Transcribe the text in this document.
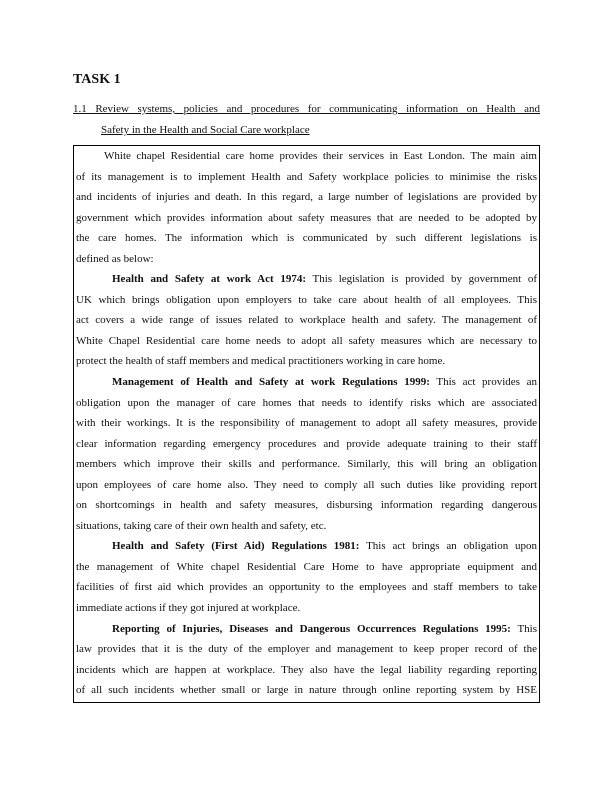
TASK 1
1.1 Review systems, policies and procedures for communicating information on Health and
Safety in the Health and Social Care workplace
White chapel Residential care home provides their services in East London. The main aim
of its management is to implement Health and Safety workplace policies to minimise the risks
and incidents of injuries and death. In this regard, a large number of legislations are provided by
government which provides information about safety measures that are needed to be adopted by
the care homes. The information which is communicated by such different legislations is
defined as below:
Health and Safety at work Act 1974: This legislation is provided by government of
UK which brings obligation upon employers to take care about health of all employees. This
act covers a wide range of issues related to workplace health and safety. The management of
White Chapel Residential care home needs to adopt all safety measures which are necessary to
protect the health of staff members and medical practitioners working in care home.
Management of Health and Safety at work Regulations 1999: This act provides an
obligation upon the manager of care homes that needs to identify risks which are associated
with their workings. It is the responsibility of management to adopt all safety measures, provide
clear information regarding emergency procedures and provide adequate training to their staff
members which improve their skills and performance. Similarly, this will bring an obligation
upon employees of care home also. They need to comply all such duties like providing report
on shortcomings in health and safety measures, disbursing information regarding dangerous
situations, taking care of their own health and safety, etc.
Health and Safety (First Aid) Regulations 1981: This act brings an obligation upon
the management of White chapel Residential Care Home to have appropriate equipment and
facilities of first aid which provides an opportunity to the employees and staff members to take
immediate actions if they got injured at workplace.
Reporting of Injuries, Diseases and Dangerous Occurrences Regulations 1995: This
law provides that it is the duty of the employer and management to keep proper record of the
incidents which are happen at workplace. They also have the legal liability regarding reporting
of all such incidents whether small or large in nature through online reporting system by HSE
